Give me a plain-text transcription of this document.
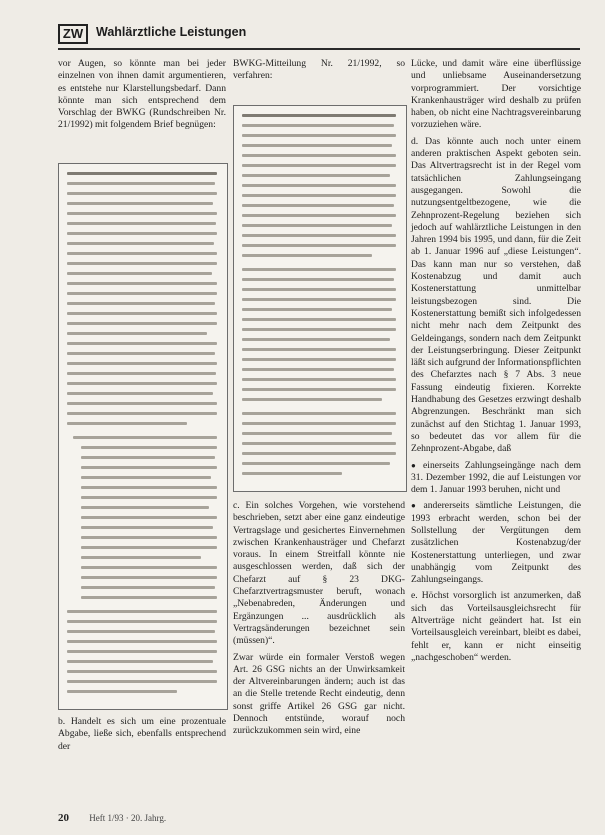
ZW	Wahlärztliche Leistungen

vor Augen, so könnte man bei jeder einzelnen von ihnen damit argumentieren, es entstehe nur Klarstellungsbedarf. Dann könnte man sich entsprechend dem Vorschlag der BWKG (Rundschreiben Nr. 21/1992) mit folgendem Brief begnügen:

b. Handelt es sich um eine prozentuale Abgabe, ließe sich, ebenfalls entsprechend der

BWKG-Mitteilung Nr. 21/1992, so verfahren:

c. Ein solches Vorgehen, wie vorstehend beschrieben, setzt aber eine ganz eindeutige Vertragslage und gesichertes Einvernehmen zwischen Krankenhausträger und Chefarzt voraus. In einem Streitfall könnte nie ausgeschlossen werden, daß sich der Chefarzt auf § 23 DKG-Chefarztvertragsmuster beruft, wonach „Nebenabreden, Änderungen und Ergänzungen ... ausdrücklich als Vertragsänderungen bezeichnet sein (müssen)“.

Zwar würde ein formaler Verstoß wegen Art. 26 GSG nichts an der Unwirksamkeit der Altvereinbarungen ändern; auch ist das an die Stelle tretende Recht eindeutig, denn sonst griffe Artikel 26 GSG gar nicht. Dennoch entstünde, worauf noch zurückzukommen sein wird, eine

Lücke, und damit wäre eine überflüssige und unliebsame Auseinandersetzung vorprogrammiert. Der vorsichtige Krankenhausträger wird deshalb zu prüfen haben, ob nicht eine Nachtragsvereinbarung vorzuziehen wäre.

d. Das könnte auch noch unter einem anderen praktischen Aspekt geboten sein. Das Altvertragsrecht ist in der Regel vom tatsächlichen Zahlungseingang ausgegangen. Sowohl die nutzungsentgeltbezogene, wie die Zehnprozent-Regelung beziehen sich jedoch auf wahlärztliche Leistungen in den Jahren 1994 bis 1995, und dann, für die Zeit ab 1. Januar 1996 auf „diese Leistungen“. Das kann man nur so verstehen, daß Kostenabzug und damit auch Kostenerstattung unmittelbar leistungsbezogen sind. Die Kostenerstattung bemißt sich infolgedessen nicht mehr nach dem Zeitpunkt des Geldeingangs, sondern nach dem Zeitpunkt der Leistungserbringung. Dieser Zeitpunkt läßt sich aufgrund der Informationspflichten des Chefarztes nach § 7 Abs. 3 neue Fassung eindeutig fixieren. Korrekte Handhabung des Gesetzes erzwingt deshalb Abgrenzungen. Beschränkt man sich zunächst auf den Stichtag 1. Januar 1993, so bedeutet das vor allem für die Zehnprozent-Abgabe, daß

● einerseits Zahlungseingänge nach dem 31. Dezember 1992, die auf Leistungen vor dem 1. Januar 1993 beruhen, nicht und

● andererseits sämtliche Leistungen, die 1993 erbracht werden, schon bei der Sollstellung der Vergütungen dem zusätzlichen Kostenabzug/der Kostenerstattung unterliegen, und zwar unabhängig vom Zeitpunkt des Zahlungseingangs.

e. Höchst vorsorglich ist anzumerken, daß sich das Vorteilsausgleichsrecht für Altverträge nicht geändert hat. Ist ein Vorteilsausgleich vereinbart, bleibt es dabei, fehlt er, kann er nicht einseitig „nachgeschoben“ werden.

20 Heft 1/93 · 20. Jahrg.
